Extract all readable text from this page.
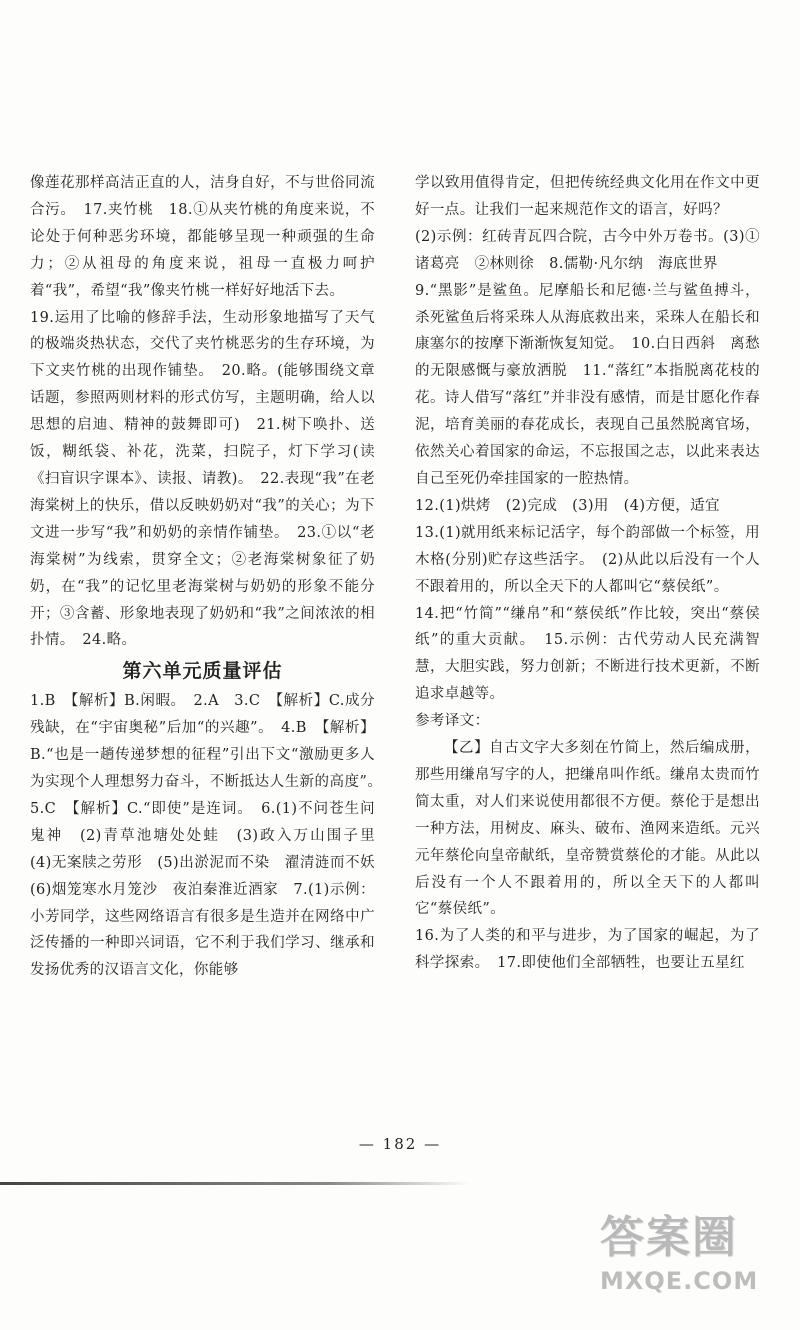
像莲花那样高洁正直的人，洁身自好，不与世俗同流合污。　17.夹竹桃　18.①从夹竹桃的角度来说，不论处于何种恶劣环境，都能够呈现一种顽强的生命力；②从祖母的角度来说，祖母一直极力呵护着“我”，希望“我”像夹竹桃一样好好地活下去。

19.运用了比喻的修辞手法，生动形象地描写了天气的极端炎热状态，交代了夹竹桃恶劣的生存环境，为下文夹竹桃的出现作铺垫。　20.略。(能够围绕文章话题，参照两则材料的形式仿写，主题明确，给人以思想的启迪、精神的鼓舞即可)　21.树下唤扑、送饭，糊纸袋、补花，洗菜，扫院子，灯下学习(读《扫盲识字课本》、读报、请教)。　22.表现“我”在老海棠树上的快乐，借以反映奶奶对“我”的关心；为下文进一步写“我”和奶奶的亲情作铺垫。　23.①以“老海棠树”为线索，贯穿全文；②老海棠树象征了奶奶，在“我”的记忆里老海棠树与奶奶的形象不能分开；③含蓄、形象地表现了奶奶和“我”之间浓浓的相扑情。　24.略。

第六单元质量评估

1.B　【解析】B.闲暇。　2.A　3.C　【解析】C.成分残缺，在“宇宙奥秘”后加“的兴趣”。　4.B　【解析】B.“也是一趟传递梦想的征程”引出下文“激励更多人为实现个人理想努力奋斗，不断抵达人生新的高度”。　5.C　【解析】C.“即使”是连词。　6.(1)不问苍生问鬼神　(2)青草池塘处处蛙　(3)政入万山围子里　(4)无案牍之劳形　(5)出淤泥而不染　濯清涟而不妖　(6)烟笼寒水月笼沙　夜泊秦淮近酒家　7.(1)示例：小芳同学，这些网络语言有很多是生造并在网络中广泛传播的一种即兴词语，它不利于我们学习、继承和发扬优秀的汉语言文化，你能够

学以致用值得肯定，但把传统经典文化用在作文中更好一点。让我们一起来规范作文的语言，好吗？

(2)示例：红砖青瓦四合院，古今中外万卷书。(3)①诸葛亮　②林则徐　8.儒勒·凡尔纳　海底世界

9.“黑影”是鲨鱼。尼摩船长和尼德·兰与鲨鱼搏斗，杀死鲨鱼后将采珠人从海底救出来，采珠人在船长和康塞尔的按摩下渐渐恢复知觉。　10.白日西斜　离愁的无限感慨与豪放洒脱　11.“落红”本指脱离花枝的花。诗人借写“落红”并非没有感情，而是甘愿化作春泥，培育美丽的春花成长，表现自己虽然脱离官场，依然关心着国家的命运，不忘报国之志，以此来表达自己至死仍牵挂国家的一腔热情。

12.(1)烘烤　(2)完成　(3)用　(4)方便，适宜

13.(1)就用纸来标记活字，每个韵部做一个标签，用木格(分别)贮存这些活字。　(2)从此以后没有一个人不跟着用的，所以全天下的人都叫它“蔡侯纸”。

14.把“竹简”“缣帛”和“蔡侯纸”作比较，突出“蔡侯纸”的重大贡献。　15.示例：古代劳动人民充满智慧，大胆实践，努力创新；不断进行技术更新，不断追求卓越等。

参考译文：

【乙】自古文字大多刻在竹简上，然后编成册，那些用缣帛写字的人，把缣帛叫作纸。缣帛太贵而竹简太重，对人们来说使用都很不方便。蔡伦于是想出一种方法，用树皮、麻头、破布、渔网来造纸。元兴元年蔡伦向皇帝献纸，皇帝赞赏蔡伦的才能。从此以后没有一个人不跟着用的，所以全天下的人都叫它“蔡侯纸”。

16.为了人类的和平与进步，为了国家的崛起，为了科学探索。　17.即使他们全部牺牲，也要让五星红

— 182 —
答案圈
MXQE.COM
